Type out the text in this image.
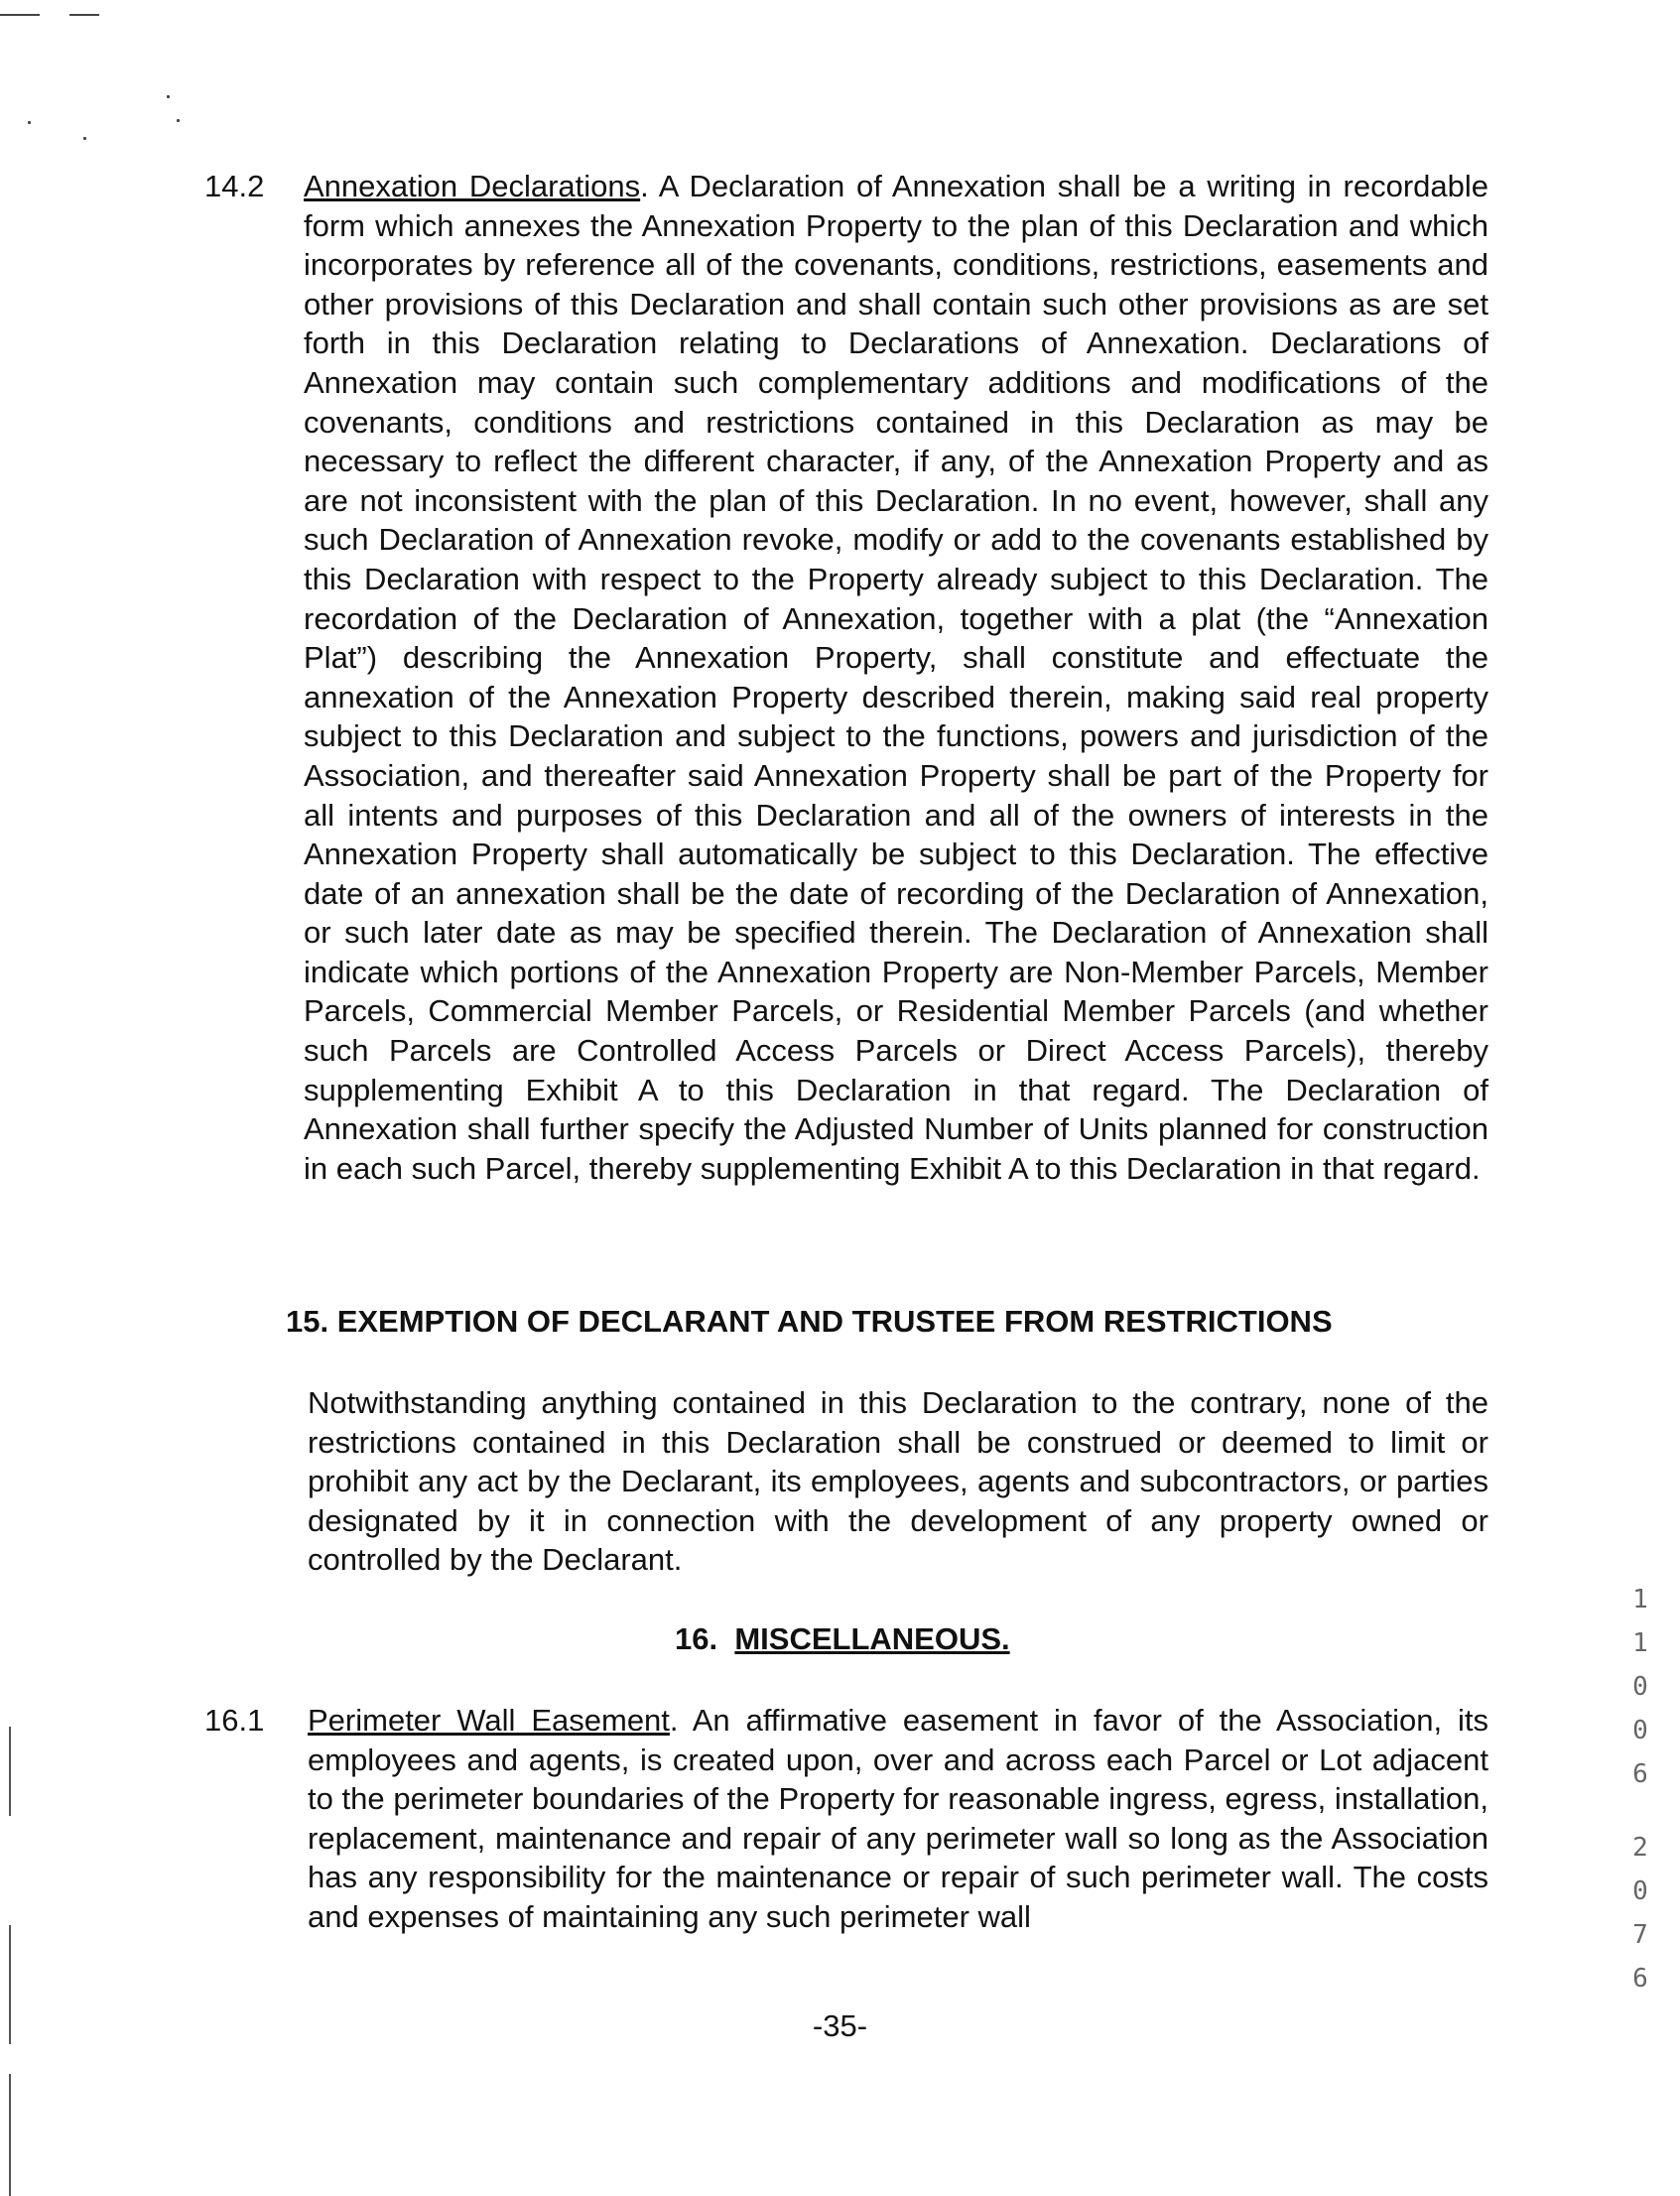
14.2 Annexation Declarations. A Declaration of Annexation shall be a writing in recordable form which annexes the Annexation Property to the plan of this Declaration and which incorporates by reference all of the covenants, conditions, restrictions, easements and other provisions of this Declaration and shall contain such other provisions as are set forth in this Declaration relating to Declarations of Annexation. Declarations of Annexation may contain such complementary additions and modifications of the covenants, conditions and restrictions contained in this Declaration as may be necessary to reflect the different character, if any, of the Annexation Property and as are not inconsistent with the plan of this Declaration. In no event, however, shall any such Declaration of Annexation revoke, modify or add to the covenants established by this Declaration with respect to the Property already subject to this Declaration. The recordation of the Declaration of Annexation, together with a plat (the “Annexation Plat”) describing the Annexation Property, shall constitute and effectuate the annexation of the Annexation Property described therein, making said real property subject to this Declaration and subject to the functions, powers and jurisdiction of the Association, and thereafter said Annexation Property shall be part of the Property for all intents and purposes of this Declaration and all of the owners of interests in the Annexation Property shall automatically be subject to this Declaration. The effective date of an annexation shall be the date of recording of the Declaration of Annexation, or such later date as may be specified therein. The Declaration of Annexation shall indicate which portions of the Annexation Property are Non-Member Parcels, Member Parcels, Commercial Member Parcels, or Residential Member Parcels (and whether such Parcels are Controlled Access Parcels or Direct Access Parcels), thereby supplementing Exhibit A to this Declaration in that regard. The Declaration of Annexation shall further specify the Adjusted Number of Units planned for construction in each such Parcel, thereby supplementing Exhibit A to this Declaration in that regard.
15. EXEMPTION OF DECLARANT AND TRUSTEE FROM RESTRICTIONS
Notwithstanding anything contained in this Declaration to the contrary, none of the restrictions contained in this Declaration shall be construed or deemed to limit or prohibit any act by the Declarant, its employees, agents and subcontractors, or parties designated by it in connection with the development of any property owned or controlled by the Declarant.
16. MISCELLANEOUS.
16.1 Perimeter Wall Easement. An affirmative easement in favor of the Association, its employees and agents, is created upon, over and across each Parcel or Lot adjacent to the perimeter boundaries of the Property for reasonable ingress, egress, installation, replacement, maintenance and repair of any perimeter wall so long as the Association has any responsibility for the maintenance or repair of such perimeter wall. The costs and expenses of maintaining any such perimeter wall
-35-
1
1
0
0
6
2
0
7
6
